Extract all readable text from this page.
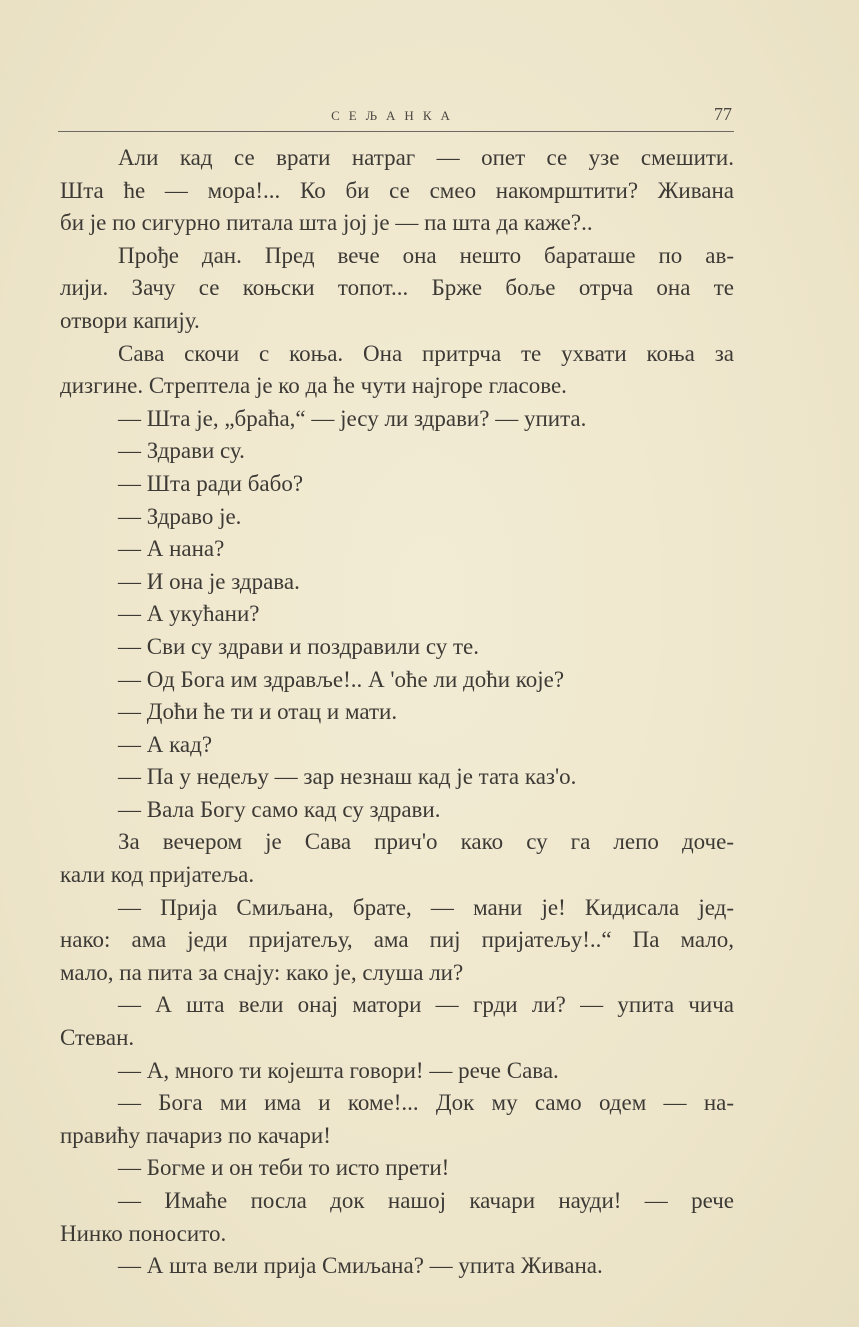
СЕЉАНКА	77
Али кад се врати натраг — опет се узе смешити.
Шта ће — мора!... Ко би се смео накомрштити? Живана
би је по сигурно питала шта јој је — па шта да каже?..
Прође дан. Пред вече она нешто бараташе по ав-
лији. Зачу се коњски топот... Брже боље отрча она те
отвори капију.
Сава скочи с коња. Она притрча те ухвати коња за
дизгине. Стрептела је ко да ће чути најгоре гласове.
— Шта је, „браћа,“ — јесу ли здрави? — упита.
— Здрави су.
— Шта ради бабо?
— Здраво је.
— А нана?
— И она је здрава.
— А укућани?
— Сви су здрави и поздравили су те.
— Од Бога им здравље!.. А 'оће ли доћи које?
— Доћи ће ти и отац и мати.
— А кад?
— Па у недељу — зар незнаш кад је тата каз'о.
— Вала Богу само кад су здрави.
За вечером је Сава прич'о како су га лепо доче-
кали код пријатеља.
— Прија Смиљана, брате, — мани је! Кидисала јед-
нако: ама једи пријатељу, ама пиј пријатељу!..“ Па мало,
мало, па пита за снају: како је, слуша ли?
— А шта вели онај матори — грди ли? — упита чича
Стеван.
— А, много ти којешта говори! — рече Сава.
— Бога ми има и коме!... Док му само одем — на-
правићу пачариз по качари!
— Богме и он теби то исто прети!
— Имаће посла док нашој качари науди! — рече
Нинко поносито.
— А шта вели прија Смиљана? — упита Живана.
